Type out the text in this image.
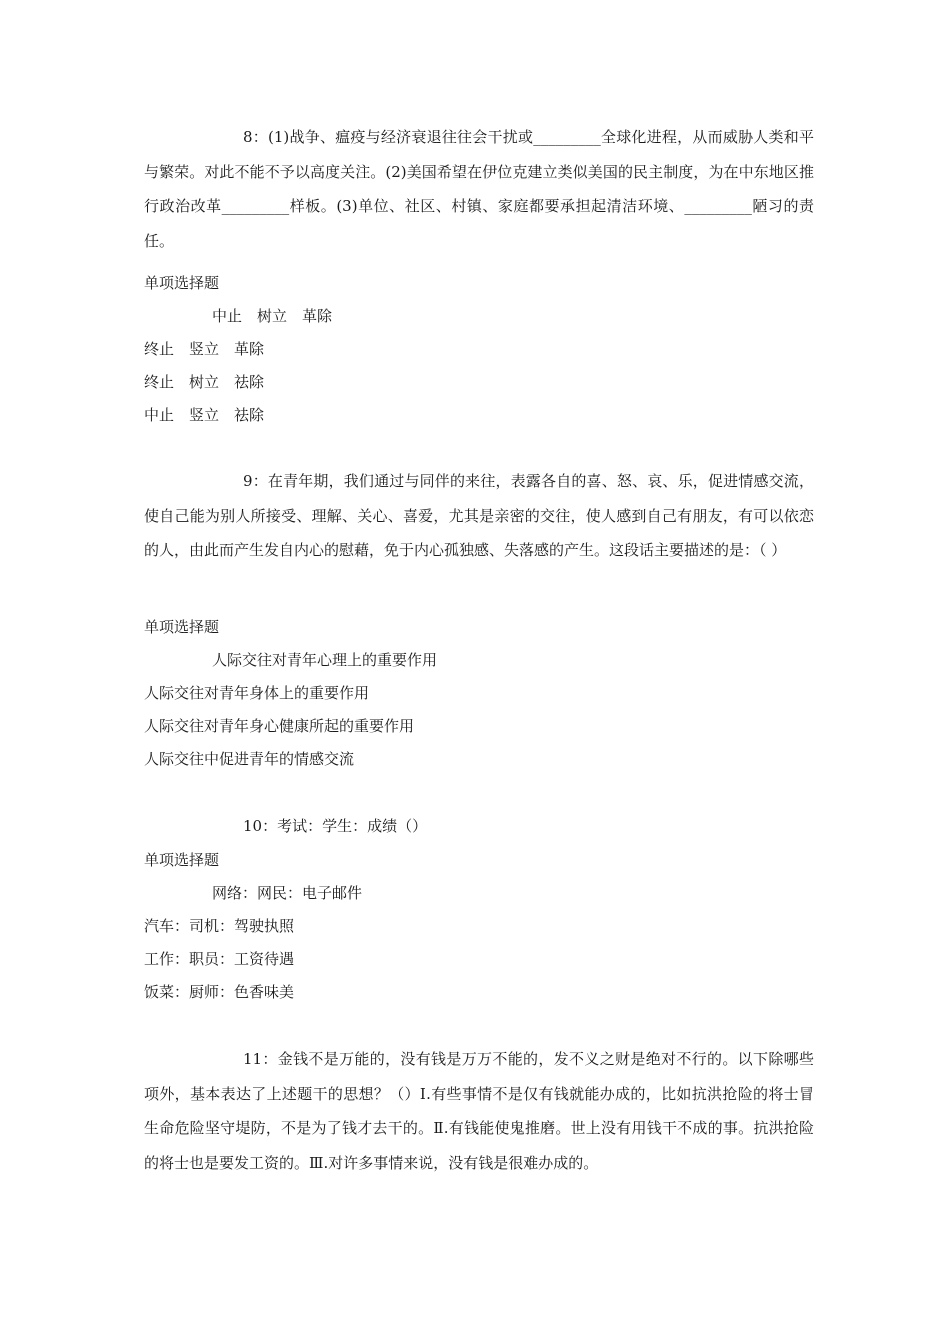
8：(1)战争、瘟疫与经济衰退往往会干扰或_________全球化进程，从而威胁人类和平与繁荣。对此不能不予以高度关注。(2)美国希望在伊位克建立类似美国的民主制度，为在中东地区推行政治改革_________样板。(3)单位、社区、村镇、家庭都要承担起清洁环境、_________陋习的责任。

单项选择题

中止　树立　革除

终止　竖立　革除

终止　树立　祛除

中止　竖立　祛除

9：在青年期，我们通过与同伴的来往，表露各自的喜、怒、哀、乐，促进情感交流，使自己能为别人所接受、理解、关心、喜爱，尤其是亲密的交往，使人感到自己有朋友，有可以依恋的人，由此而产生发自内心的慰藉，免于内心孤独感、失落感的产生。这段话主要描述的是：（ ）

单项选择题

人际交往对青年心理上的重要作用

人际交往对青年身体上的重要作用

人际交往对青年身心健康所起的重要作用

人际交往中促进青年的情感交流

10：考试：学生：成绩（）

单项选择题

网络：网民：电子邮件

汽车：司机：驾驶执照

工作：职员：工资待遇

饭菜：厨师：色香味美

11：金钱不是万能的，没有钱是万万不能的，发不义之财是绝对不行的。以下除哪些项外，基本表达了上述题干的思想？（）Ⅰ.有些事情不是仅有钱就能办成的，比如抗洪抢险的将士冒生命危险坚守堤防，不是为了钱才去干的。Ⅱ.有钱能使鬼推磨。世上没有用钱干不成的事。抗洪抢险的将士也是要发工资的。Ⅲ.对许多事情来说，没有钱是很难办成的。
